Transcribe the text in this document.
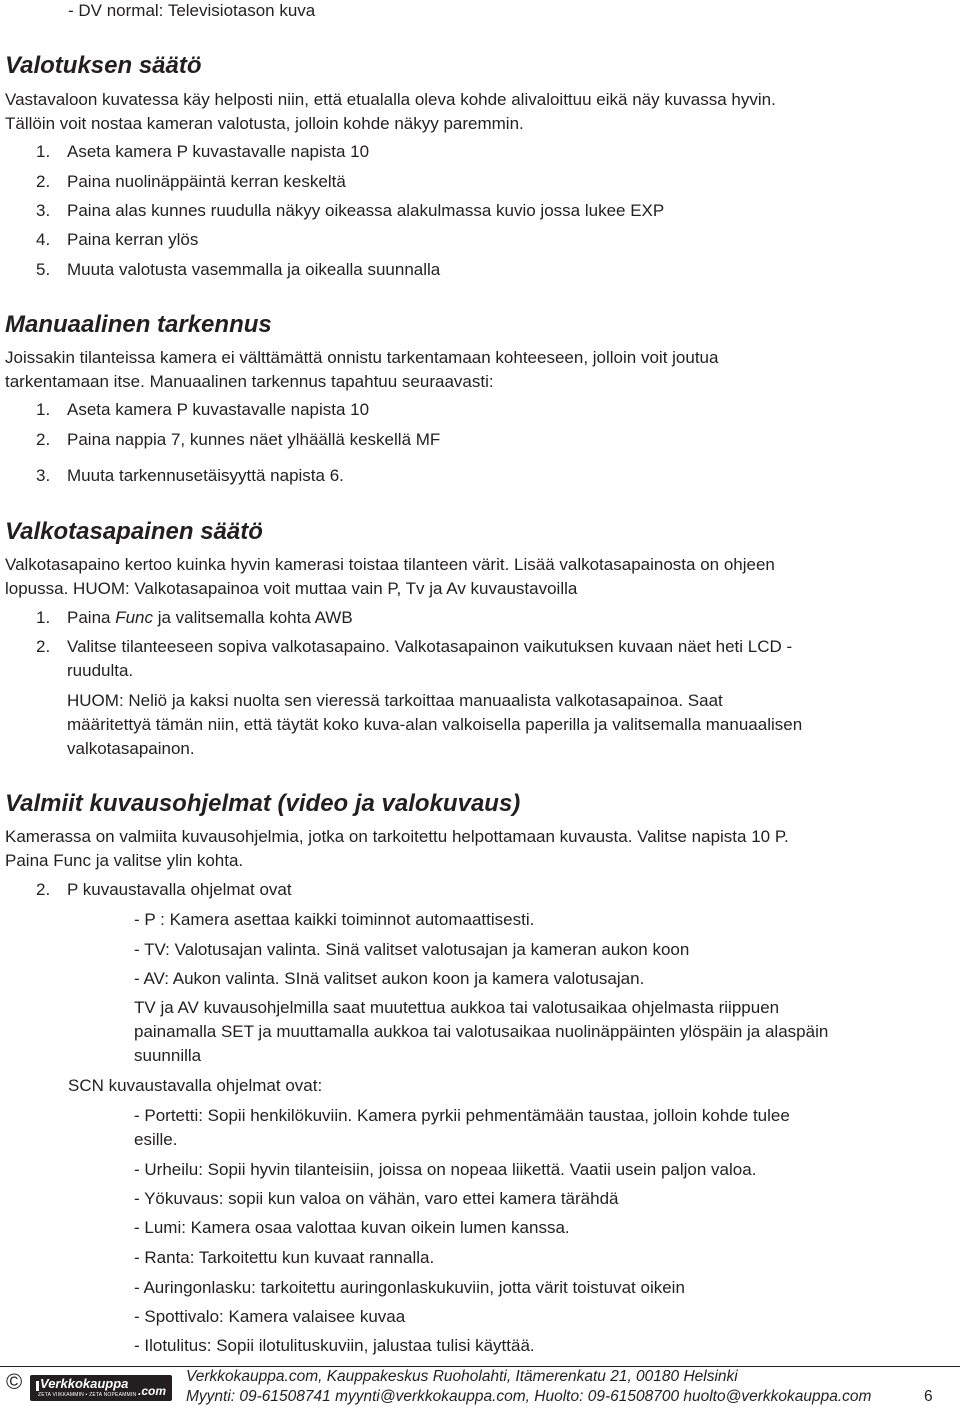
- DV normal: Televisiotason kuva
Valotuksen säätö
Vastavaloon kuvatessa käy helposti niin, että etualalla oleva kohde alivaloittuu eikä näy kuvassa hyvin.
Tällöin voit nostaa kameran valotusta, jolloin kohde näkyy paremmin.
1. Aseta kamera P kuvastavalle napista 10
2. Paina nuolinäppäintä kerran keskeltä
3. Paina alas kunnes ruudulla näkyy oikeassa alakulmassa kuvio jossa lukee EXP
4. Paina kerran ylös
5. Muuta valotusta vasemmalla ja oikealla suunnalla
Manuaalinen tarkennus
Joissakin tilanteissa kamera ei välttämättä onnistu tarkentamaan kohteeseen, jolloin voit joutua
tarkentamaan itse. Manuaalinen tarkennus tapahtuu seuraavasti:
1. Aseta kamera P kuvastavalle napista 10
2. Paina nappia 7, kunnes näet ylhäällä keskellä MF
3. Muuta tarkennusetäisyyttä napista 6.
Valkotasapainen säätö
Valkotasapaino kertoo kuinka hyvin kamerasi toistaa tilanteen värit. Lisää valkotasapainosta on ohjeen
lopussa. HUOM: Valkotasapainoa voit muttaa vain P, Tv ja Av kuvaustavoilla
1. Paina Func ja valitsemalla kohta AWB
2. Valitse tilanteeseen sopiva valkotasapaino. Valkotasapainon vaikutuksen kuvaan näet heti LCD -
ruudulta.
HUOM: Neliö ja kaksi nuolta sen vieressä tarkoittaa manuaalista valkotasapainoa. Saat
määritettyä tämän niin, että täytät koko kuva-alan valkoisella paperilla ja valitsemalla manuaalisen
valkotasapainon.
Valmiit kuvausohjelmat (video ja valokuvaus)
Kamerassa on valmiita kuvausohjelmia, jotka on tarkoitettu helpottamaan kuvausta. Valitse napista 10 P.
Paina Func ja valitse ylin kohta.
2. P kuvaustavalla ohjelmat ovat
- P : Kamera asettaa kaikki toiminnot automaattisesti.
- TV: Valotusajan valinta. Sinä valitset valotusajan ja kameran aukon koon
- AV: Aukon valinta. SInä valitset aukon koon ja kamera valotusajan.
TV ja AV kuvausohjelmilla saat muutettua aukkoa tai valotusaikaa ohjelmasta riippuen
painamalla SET ja muuttamalla aukkoa tai valotusaikaa nuolinäppäinten ylöspäin ja alaspäin
suunnilla
SCN kuvaustavalla ohjelmat ovat:
- Portetti: Sopii henkilökuviin. Kamera pyrkii pehmentämään taustaa, jolloin kohde tulee
esille.
- Urheilu: Sopii hyvin tilanteisiin, joissa on nopeaa liikettä. Vaatii usein paljon valoa.
- Yökuvaus: sopii kun valoa on vähän, varo ettei kamera tärähdä
- Lumi: Kamera osaa valottaa kuvan oikein lumen kanssa.
- Ranta: Tarkoitettu kun kuvaat rannalla.
- Auringonlasku: tarkoitettu auringonlaskukuviin, jotta värit toistuvat oikein
- Spottivalo: Kamera valaisee kuvaa
- Ilotulitus: Sopii ilotulituskuviin, jalustaa tulisi käyttää.
© Verkkokauppa .com
ZETA VIIKKAMMIN • ZETA NOPEAMMIN
Verkkokauppa.com, Kauppakeskus Ruoholahti, Itämerenkatu 21, 00180 Helsinki
Myynti: 09-61508741 myynti@verkkokauppa.com, Huolto: 09-61508700 huolto@verkkokauppa.com	6
